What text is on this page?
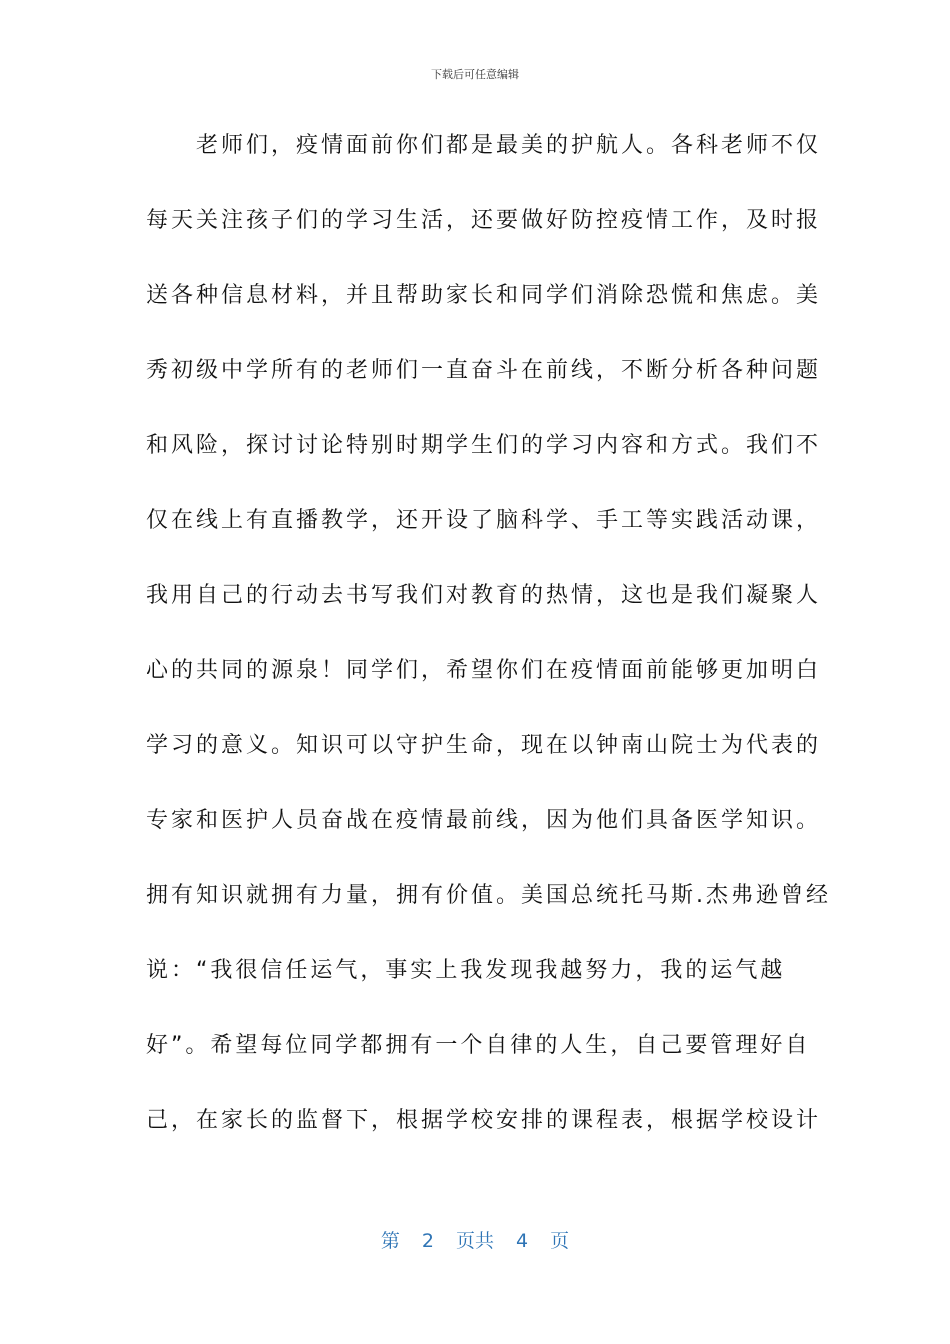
下载后可任意编辑
　　老师们，疫情面前你们都是最美的护航人。各科老师不仅
每天关注孩子们的学习生活，还要做好防控疫情工作，及时报
送各种信息材料，并且帮助家长和同学们消除恐慌和焦虑。美
秀初级中学所有的老师们一直奋斗在前线，不断分析各种问题
和风险，探讨讨论特别时期学生们的学习内容和方式。我们不
仅在线上有直播教学，还开设了脑科学、手工等实践活动课，
我用自己的行动去书写我们对教育的热情，这也是我们凝聚人
心的共同的源泉！同学们，希望你们在疫情面前能够更加明白
学习的意义。知识可以守护生命，现在以钟南山院士为代表的
专家和医护人员奋战在疫情最前线，因为他们具备医学知识。
拥有知识就拥有力量，拥有价值。美国总统托马斯.杰弗逊曾经
说：“我很信任运气，事实上我发现我越努力，我的运气越
好”。希望每位同学都拥有一个自律的人生，自己要管理好自
己，在家长的监督下，根据学校安排的课程表，根据学校设计
第 2 页共 4 页
